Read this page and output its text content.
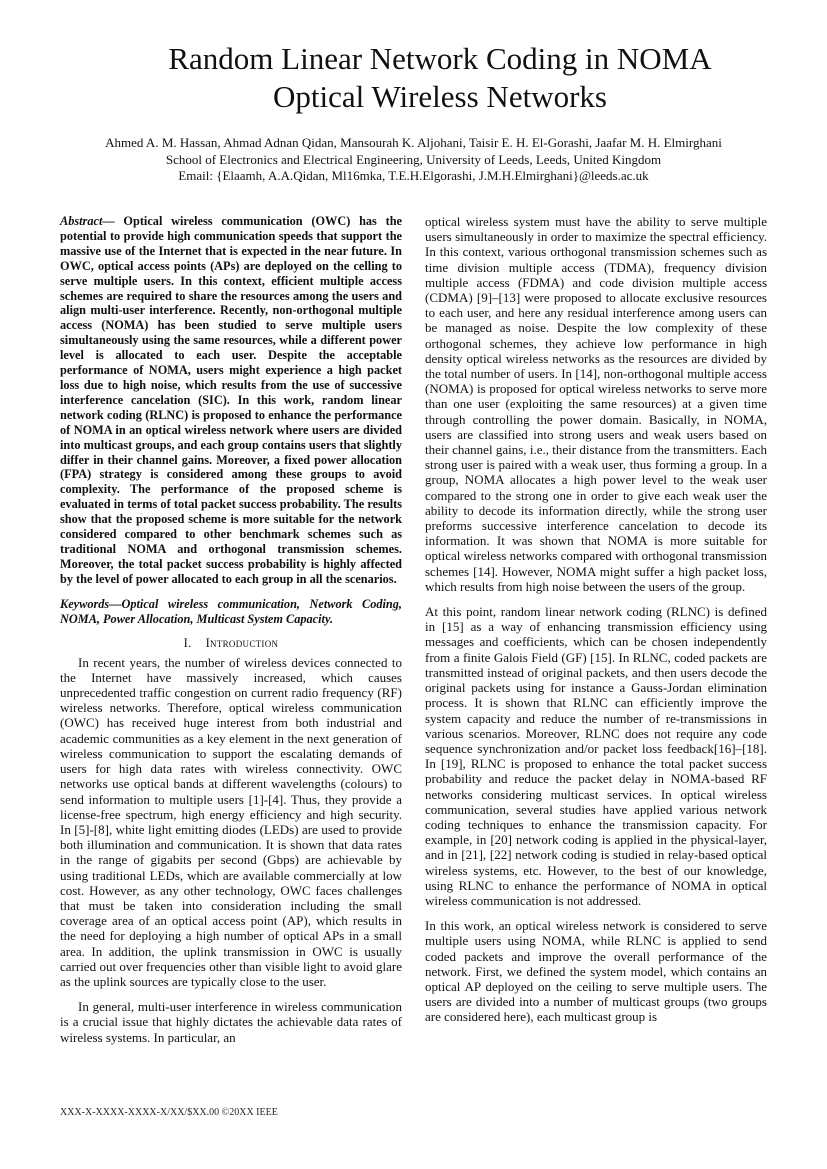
Random Linear Network Coding in NOMA
Optical Wireless Networks
Ahmed A. M. Hassan, Ahmad Adnan Qidan, Mansourah K. Aljohani, Taisir E. H. El-Gorashi, Jaafar M. H. Elmirghani
School of Electronics and Electrical Engineering, University of Leeds, Leeds, United Kingdom
Email: {Elaamh, A.A.Qidan, Ml16mka, T.E.H.Elgorashi, J.M.H.Elmirghani}@leeds.ac.uk

Abstract— Optical wireless communication (OWC) has the potential to provide high communication speeds that support the massive use of the Internet that is expected in the near future. In OWC, optical access points (APs) are deployed on the celling to serve multiple users. In this context, efficient multiple access schemes are required to share the resources among the users and align multi-user interference. Recently, non-orthogonal multiple access (NOMA) has been studied to serve multiple users simultaneously using the same resources, while a different power level is allocated to each user. Despite the acceptable performance of NOMA, users might experience a high packet loss due to high noise, which results from the use of successive interference cancelation (SIC). In this work, random linear network coding (RLNC) is proposed to enhance the performance of NOMA in an optical wireless network where users are divided into multicast groups, and each group contains users that slightly differ in their channel gains. Moreover, a fixed power allocation (FPA) strategy is considered among these groups to avoid complexity. The performance of the proposed scheme is evaluated in terms of total packet success probability. The results show that the proposed scheme is more suitable for the network considered compared to other benchmark schemes such as traditional NOMA and orthogonal transmission schemes. Moreover, the total packet success probability is highly affected by the level of power allocated to each group in all the scenarios.

Keywords—Optical wireless communication, Network Coding, NOMA, Power Allocation, Multicast System Capacity.

I. Introduction

In recent years, the number of wireless devices connected to the Internet have massively increased, which causes unprecedented traffic congestion on current radio frequency (RF) wireless networks. Therefore, optical wireless communication (OWC) has received huge interest from both industrial and academic communities as a key element in the next generation of wireless communication to support the escalating demands of users for high data rates with wireless connectivity. OWC networks use optical bands at different wavelengths (colours) to send information to multiple users [1]-[4]. Thus, they provide a license-free spectrum, high energy efficiency and high security. In [5]-[8], white light emitting diodes (LEDs) are used to provide both illumination and communication. It is shown that data rates in the range of gigabits per second (Gbps) are achievable by using traditional LEDs, which are available commercially at low cost. However, as any other technology, OWC faces challenges that must be taken into consideration including the small coverage area of an optical access point (AP), which results in the need for deploying a high number of optical APs in a small area. In addition, the uplink transmission in OWC is usually carried out over frequencies other than visible light to avoid glare as the uplink sources are typically close to the user.

In general, multi-user interference in wireless communication is a crucial issue that highly dictates the achievable data rates of wireless systems. In particular, an

optical wireless system must have the ability to serve multiple users simultaneously in order to maximize the spectral efficiency. In this context, various orthogonal transmission schemes such as time division multiple access (TDMA), frequency division multiple access (FDMA) and code division multiple access (CDMA) [9]–[13] were proposed to allocate exclusive resources to each user, and here any residual interference among users can be managed as noise. Despite the low complexity of these orthogonal schemes, they achieve low performance in high density optical wireless networks as the resources are divided by the total number of users. In [14], non-orthogonal multiple access (NOMA) is proposed for optical wireless networks to serve more than one user (exploiting the same resources) at a given time through controlling the power domain. Basically, in NOMA, users are classified into strong users and weak users based on their channel gains, i.e., their distance from the transmitters. Each strong user is paired with a weak user, thus forming a group. In a group, NOMA allocates a high power level to the weak user compared to the strong one in order to give each weak user the ability to decode its information directly, while the strong user preforms successive interference cancelation to decode its information. It was shown that NOMA is more suitable for optical wireless networks compared with orthogonal transmission schemes [14]. However, NOMA might suffer a high packet loss, which results from high noise between the users of the group.

At this point, random linear network coding (RLNC) is defined in [15] as a way of enhancing transmission efficiency using messages and coefficients, which can be chosen independently from a finite Galois Field (GF) [15]. In RLNC, coded packets are transmitted instead of original packets, and then users decode the original packets using for instance a Gauss-Jordan elimination process. It is shown that RLNC can efficiently improve the system capacity and reduce the number of re-transmissions in various scenarios. Moreover, RLNC does not require any code sequence synchronization and/or packet loss feedback[16]–[18]. In [19], RLNC is proposed to enhance the total packet success probability and reduce the packet delay in NOMA-based RF networks considering multicast services. In optical wireless communication, several studies have applied various network coding techniques to enhance the transmission capacity. For example, in [20] network coding is applied in the physical-layer, and in [21], [22] network coding is studied in relay-based optical wireless systems, etc. However, to the best of our knowledge, using RLNC to enhance the performance of NOMA in optical wireless communication is not addressed.

In this work, an optical wireless network is considered to serve multiple users using NOMA, while RLNC is applied to send coded packets and improve the overall performance of the network. First, we defined the system model, which contains an optical AP deployed on the ceiling to serve multiple users. The users are divided into a number of multicast groups (two groups are considered here), each multicast group is

XXX-X-XXXX-XXXX-X/XX/$XX.00 ©20XX IEEE
